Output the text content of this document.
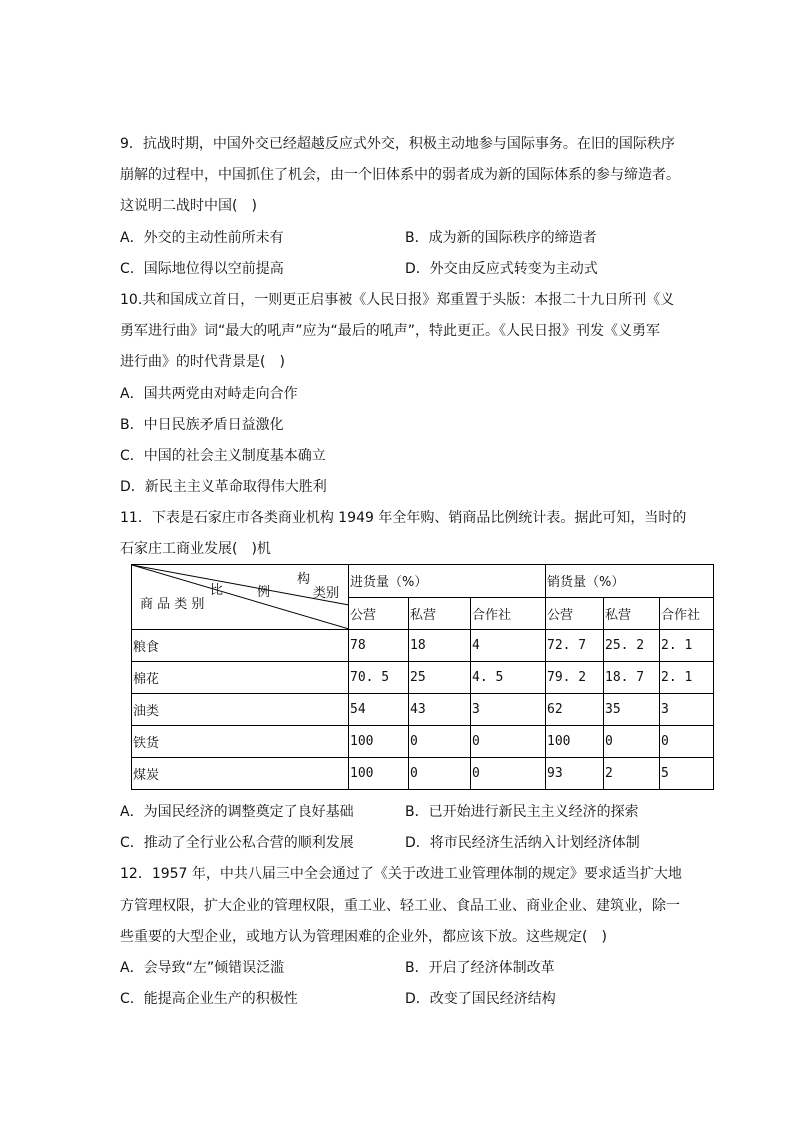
9．抗战时期，中国外交已经超越反应式外交，积极主动地参与国际事务。在旧的国际秩序
崩解的过程中，中国抓住了机会，由一个旧体系中的弱者成为新的国际体系的参与缔造者。
这说明二战时中国(　)
A．外交的主动性前所未有	B．成为新的国际秩序的缔造者
C．国际地位得以空前提高	D．外交由反应式转变为主动式
10.共和国成立首日，一则更正启事被《人民日报》郑重置于头版：本报二十九日所刊《义
勇军进行曲》词“最大的吼声”应为“最后的吼声”，特此更正。《人民日报》刊发《义勇军
进行曲》的时代背景是(　)
A．国共两党由对峙走向合作
B．中日民族矛盾日益激化
C．中国的社会主义制度基本确立
D．新民主主义革命取得伟大胜利
11．下表是石家庄市各类商业机构 1949 年全年购、销商品比例统计表。据此可知，当时的
石家庄工商业发展(　)机
比 例
构
类别
商 品 类 别	进货量（%）			销货量（%）		
	公营	私营	合作社	公营	私营	合作社
粮食	78	18	4	72. 7	25. 2	2. 1
棉花	70. 5	25	4. 5	79. 2	18. 7	2. 1
油类	54	43	3	62	35	3
铁货	100	0	0	100	0	0
煤炭	100	0	0	93	2	5
A．为国民经济的调整奠定了良好基础	B．已开始进行新民主主义经济的探索
C．推动了全行业公私合营的顺利发展	D．将市民经济生活纳入计划经济体制
12．1957 年，中共八届三中全会通过了《关于改进工业管理体制的规定》要求适当扩大地
方管理权限，扩大企业的管理权限，重工业、轻工业、食品工业、商业企业、建筑业，除一
些重要的大型企业，或地方认为管理困难的企业外，都应该下放。这些规定(　)
A．会导致“左”倾错误泛滥	B．开启了经济体制改革
C．能提高企业生产的积极性	D．改变了国民经济结构
